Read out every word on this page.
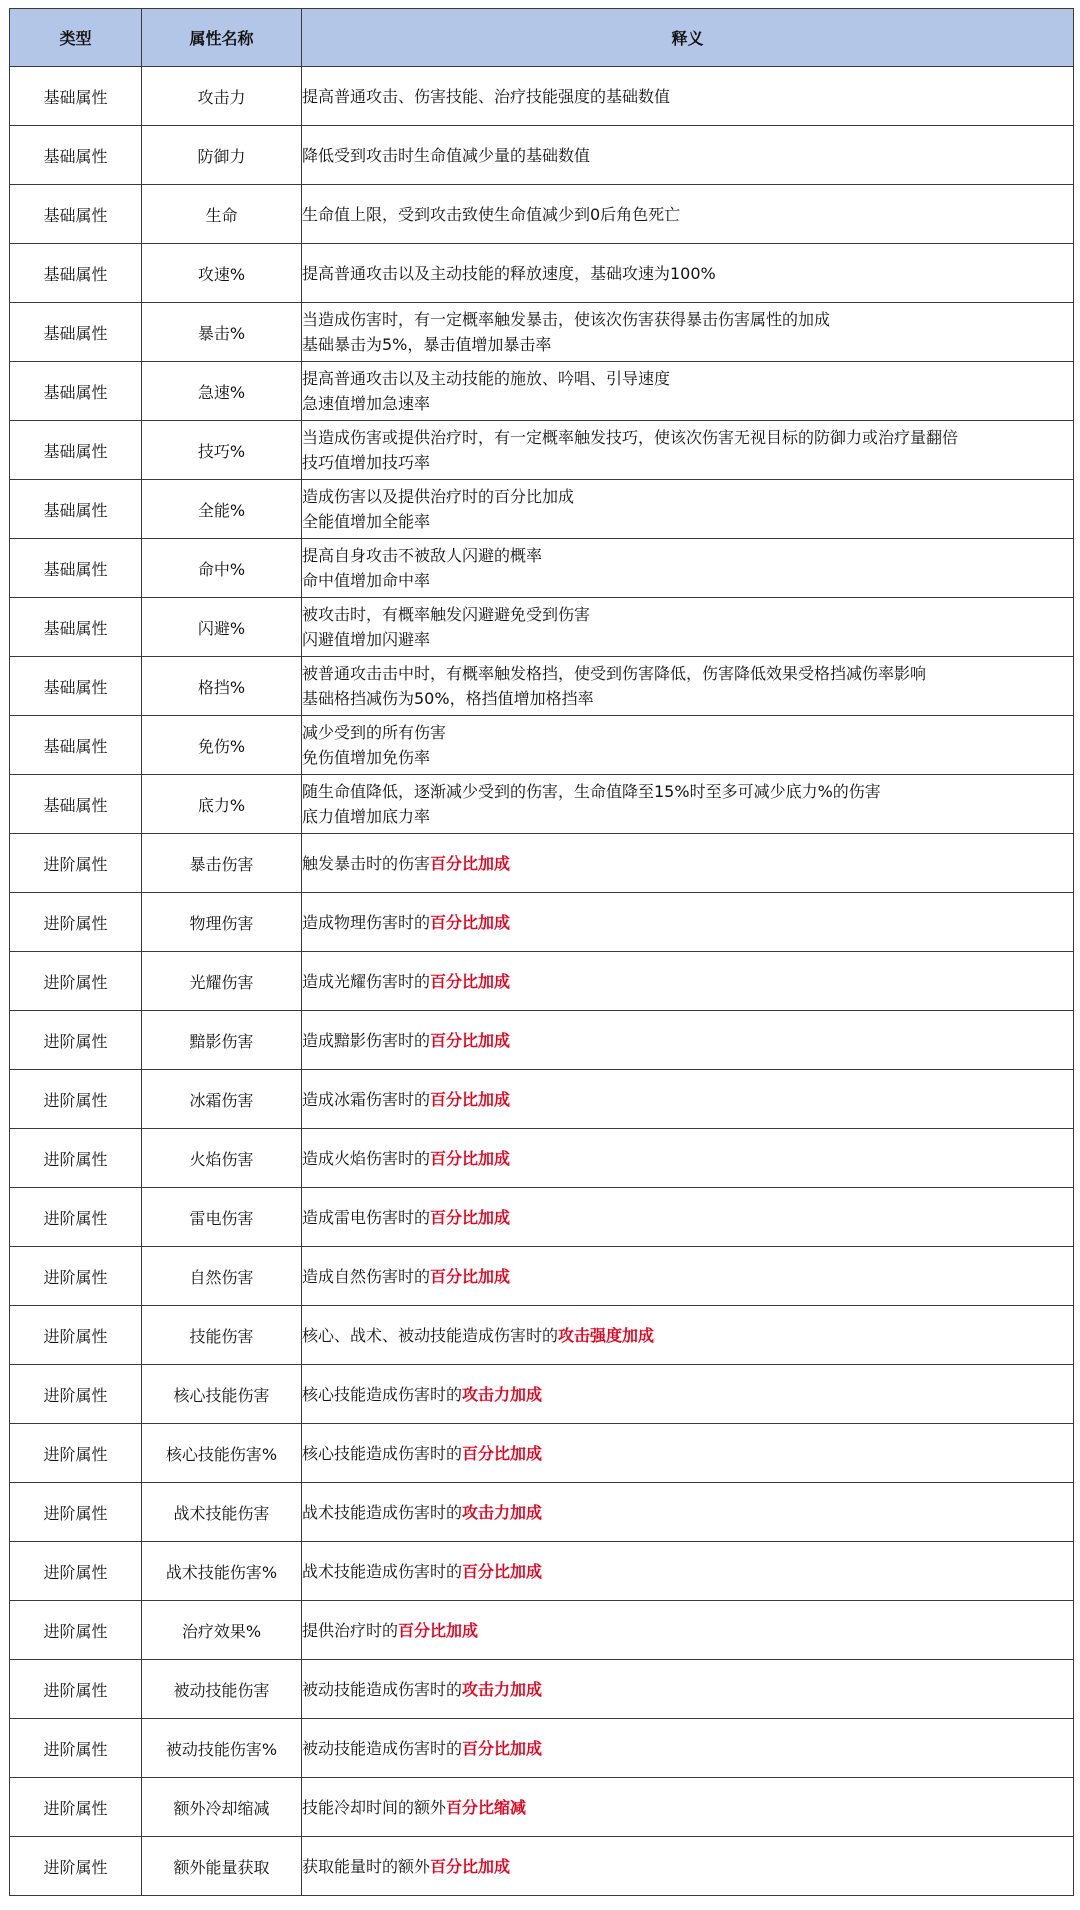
类型	属性名称	释义
基础属性	攻击力	提高普通攻击、伤害技能、治疗技能强度的基础数值

基础属性	防御力	降低受到攻击时生命值减少量的基础数值

基础属性	生命	生命值上限，受到攻击致使生命值减少到0后角色死亡

基础属性	攻速%	提高普通攻击以及主动技能的释放速度，基础攻速为100%

基础属性	暴击%	当造成伤害时，有一定概率触发暴击，使该次伤害获得暴击伤害属性的加成
基础暴击为5%，暴击值增加暴击率

基础属性	急速%	提高普通攻击以及主动技能的施放、吟唱、引导速度
急速值增加急速率

基础属性	技巧%	当造成伤害或提供治疗时，有一定概率触发技巧，使该次伤害无视目标的防御力或治疗量翻倍
技巧值增加技巧率

基础属性	全能%	造成伤害以及提供治疗时的百分比加成
全能值增加全能率

基础属性	命中%	提高自身攻击不被敌人闪避的概率
命中值增加命中率

基础属性	闪避%	被攻击时，有概率触发闪避避免受到伤害
闪避值增加闪避率

基础属性	格挡%	被普通攻击击中时，有概率触发格挡，使受到伤害降低，伤害降低效果受格挡减伤率影响
基础格挡减伤为50%，格挡值增加格挡率

基础属性	免伤%	减少受到的所有伤害
免伤值增加免伤率

基础属性	底力%	随生命值降低，逐渐减少受到的伤害，生命值降至15%时至多可减少底力%的伤害
底力值增加底力率

进阶属性	暴击伤害	触发暴击时的伤害百分比加成

进阶属性	物理伤害	造成物理伤害时的百分比加成

进阶属性	光耀伤害	造成光耀伤害时的百分比加成

进阶属性	黯影伤害	造成黯影伤害时的百分比加成

进阶属性	冰霜伤害	造成冰霜伤害时的百分比加成

进阶属性	火焰伤害	造成火焰伤害时的百分比加成

进阶属性	雷电伤害	造成雷电伤害时的百分比加成

进阶属性	自然伤害	造成自然伤害时的百分比加成

进阶属性	技能伤害	核心、战术、被动技能造成伤害时的攻击强度加成

进阶属性	核心技能伤害	核心技能造成伤害时的攻击力加成

进阶属性	核心技能伤害%	核心技能造成伤害时的百分比加成

进阶属性	战术技能伤害	战术技能造成伤害时的攻击力加成

进阶属性	战术技能伤害%	战术技能造成伤害时的百分比加成

进阶属性	治疗效果%	提供治疗时的百分比加成

进阶属性	被动技能伤害	被动技能造成伤害时的攻击力加成

进阶属性	被动技能伤害%	被动技能造成伤害时的百分比加成

进阶属性	额外冷却缩减	技能冷却时间的额外百分比缩减

进阶属性	额外能量获取	获取能量时的额外百分比加成
